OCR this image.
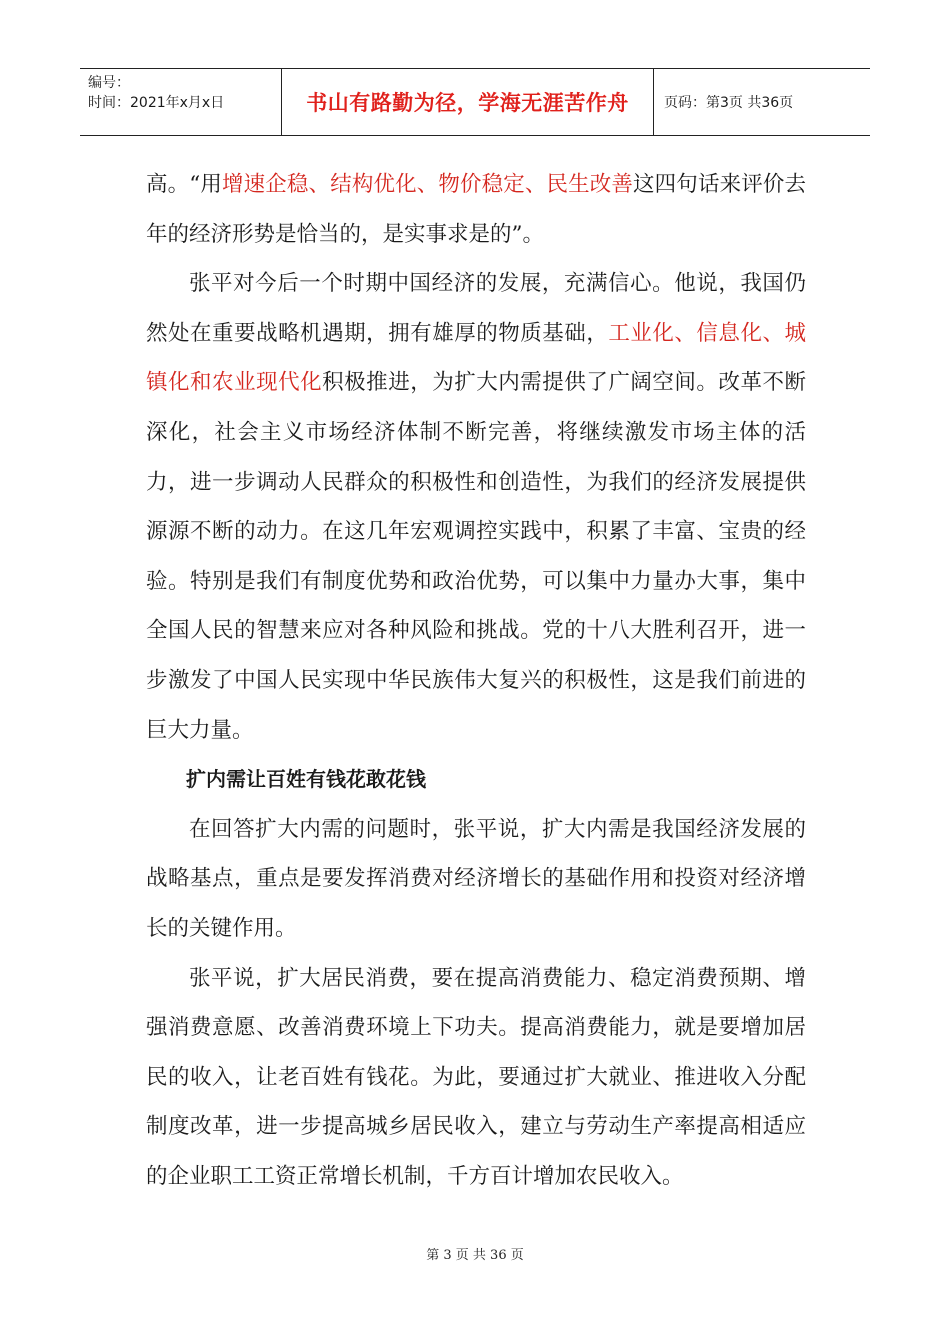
编号：
时间：2021年x月x日	书山有路勤为径，学海无涯苦作舟	页码：第3页 共36页

高。“用增速企稳、结构优化、物价稳定、民生改善这四句话来评价去年的经济形势是恰当的，是实事求是的”。

张平对今后一个时期中国经济的发展，充满信心。他说，我国仍然处在重要战略机遇期，拥有雄厚的物质基础，工业化、信息化、城镇化和农业现代化积极推进，为扩大内需提供了广阔空间。改革不断深化，社会主义市场经济体制不断完善，将继续激发市场主体的活力，进一步调动人民群众的积极性和创造性，为我们的经济发展提供源源不断的动力。在这几年宏观调控实践中，积累了丰富、宝贵的经验。特别是我们有制度优势和政治优势，可以集中力量办大事，集中全国人民的智慧来应对各种风险和挑战。党的十八大胜利召开，进一步激发了中国人民实现中华民族伟大复兴的积极性，这是我们前进的巨大力量。

扩内需让百姓有钱花敢花钱

在回答扩大内需的问题时，张平说，扩大内需是我国经济发展的战略基点，重点是要发挥消费对经济增长的基础作用和投资对经济增长的关键作用。

张平说，扩大居民消费，要在提高消费能力、稳定消费预期、增强消费意愿、改善消费环境上下功夫。提高消费能力，就是要增加居民的收入，让老百姓有钱花。为此，要通过扩大就业、推进收入分配制度改革，进一步提高城乡居民收入，建立与劳动生产率提高相适应的企业职工工资正常增长机制，千方百计增加农民收入。

第 3 页 共 36 页
